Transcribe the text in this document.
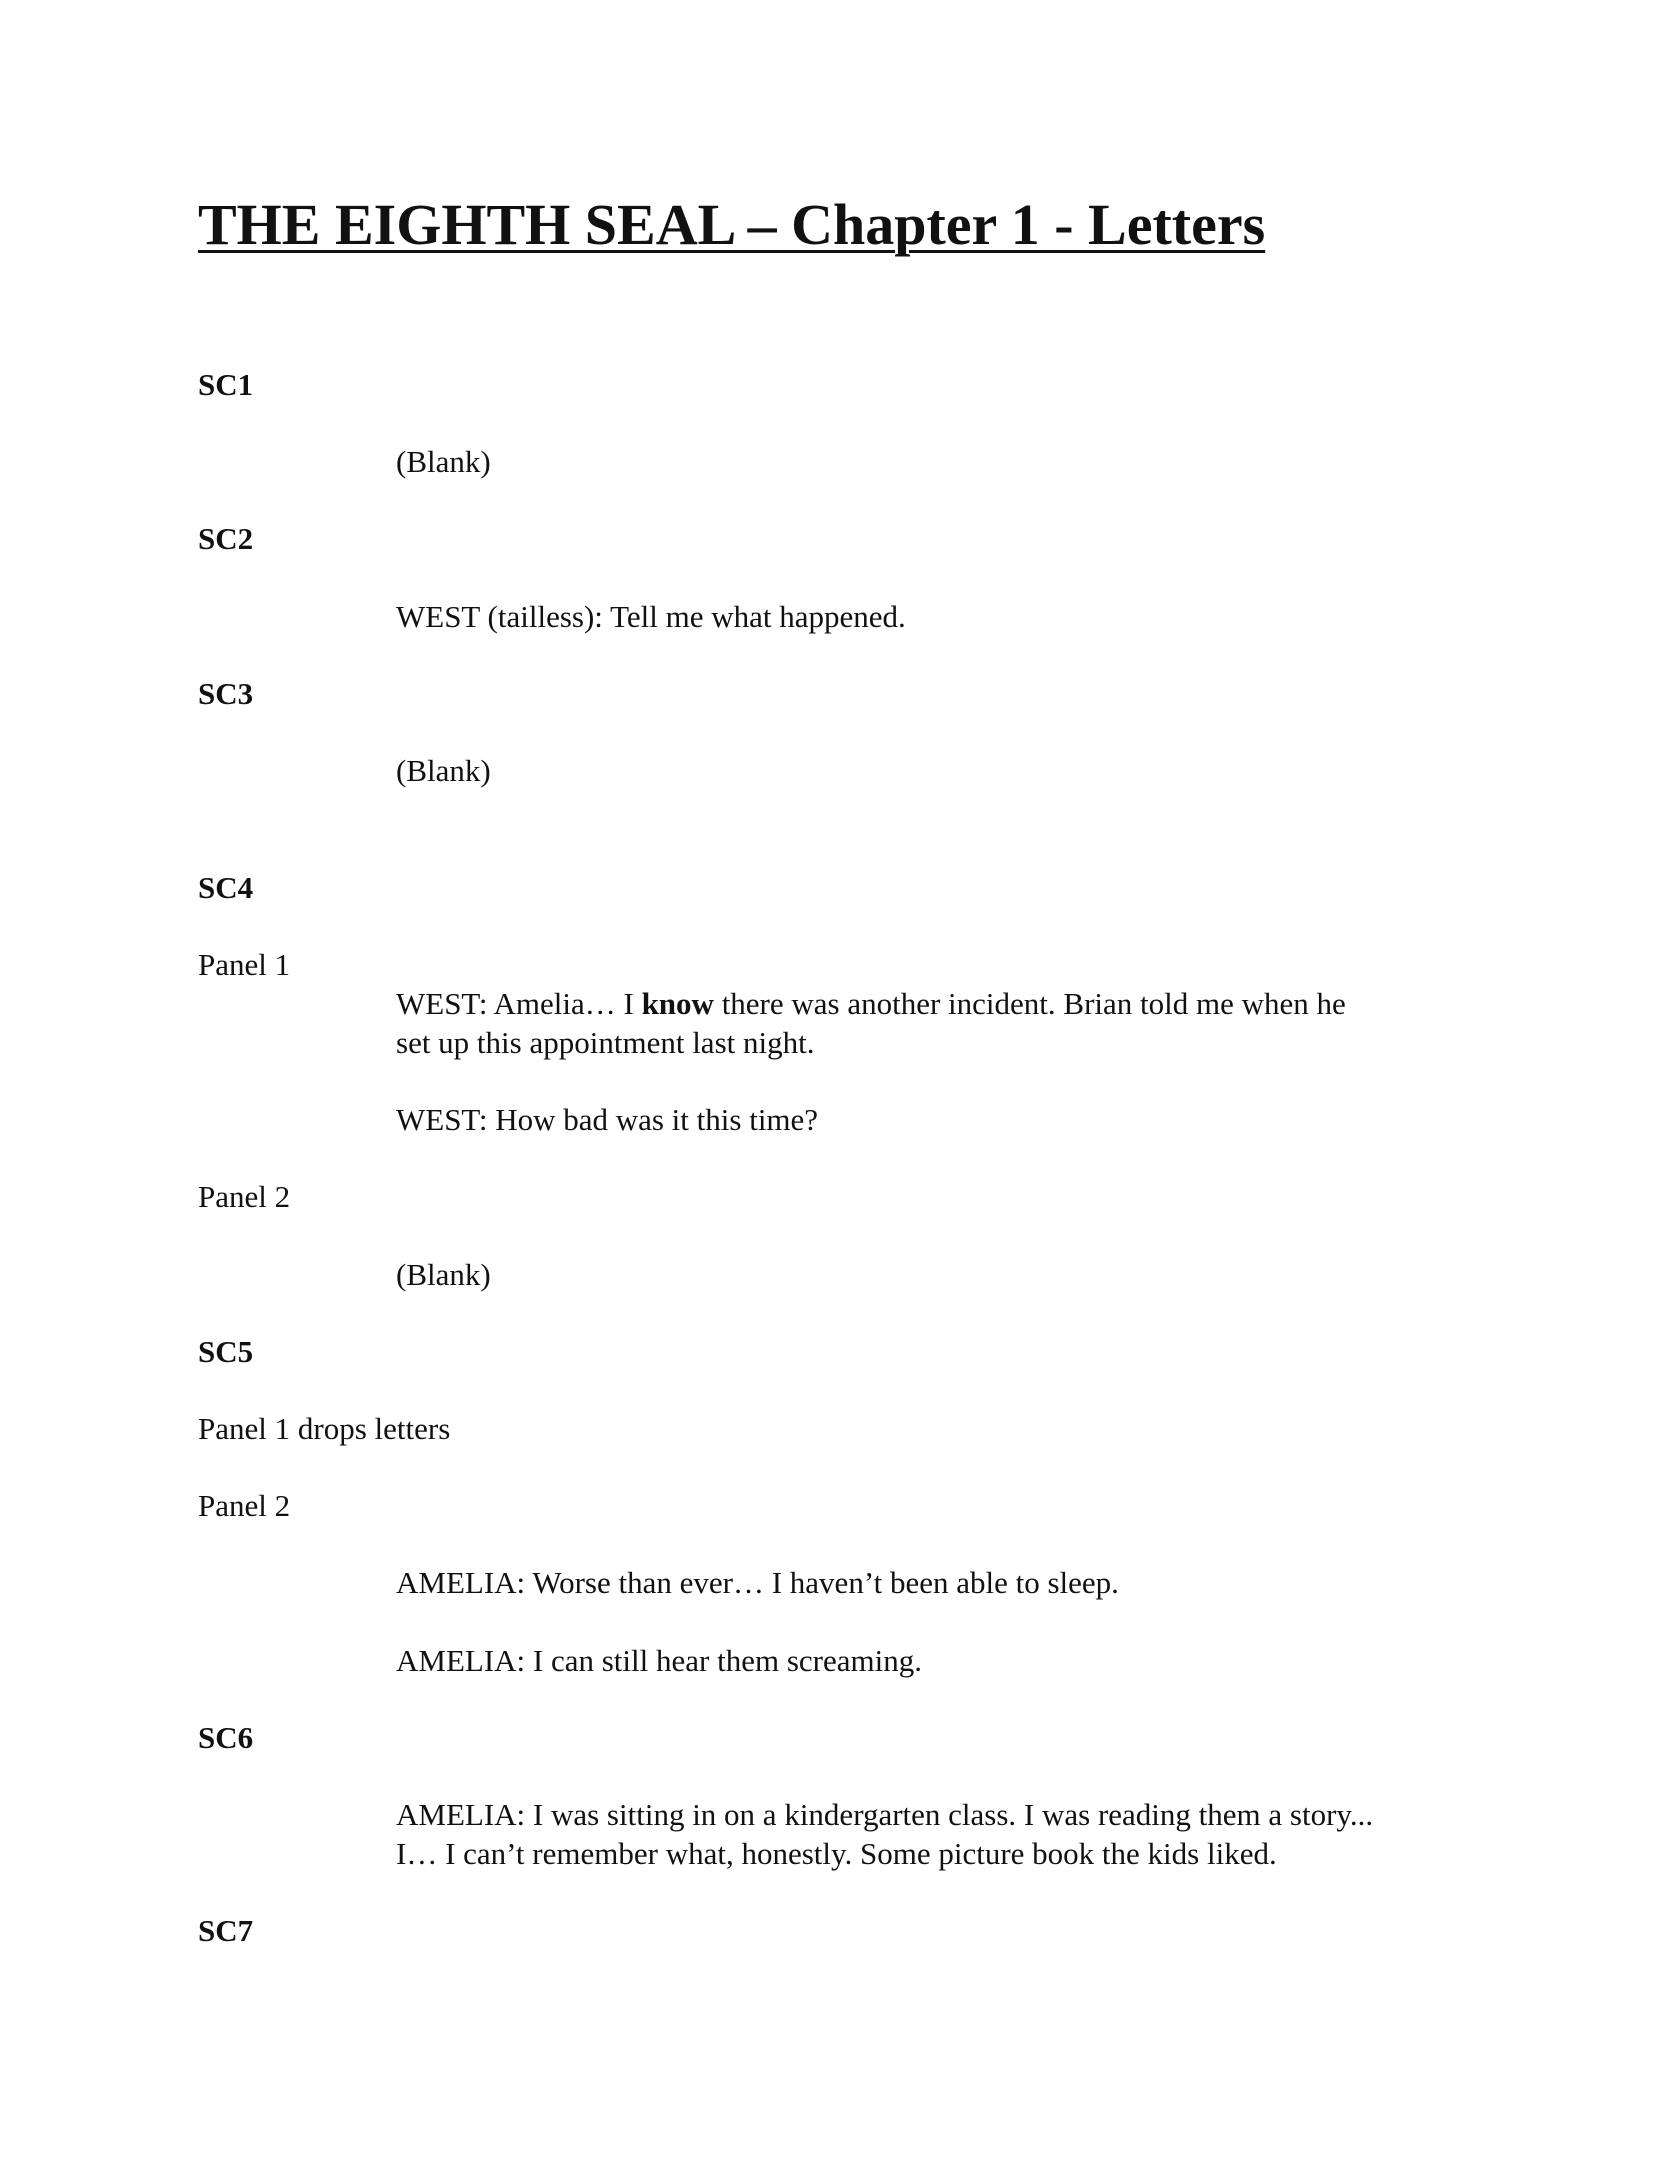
THE EIGHTH SEAL – Chapter 1 - Letters
SC1
(Blank)
SC2
WEST (tailless): Tell me what happened.
SC3
(Blank)
SC4
Panel 1
WEST: Amelia… I know there was another incident. Brian told me when he
set up this appointment last night.
WEST: How bad was it this time?
Panel 2
(Blank)
SC5
Panel 1 drops letters
Panel 2
AMELIA: Worse than ever… I haven’t been able to sleep.
AMELIA: I can still hear them screaming.
SC6
AMELIA: I was sitting in on a kindergarten class. I was reading them a story...
I… I can’t remember what, honestly. Some picture book the kids liked.
SC7
